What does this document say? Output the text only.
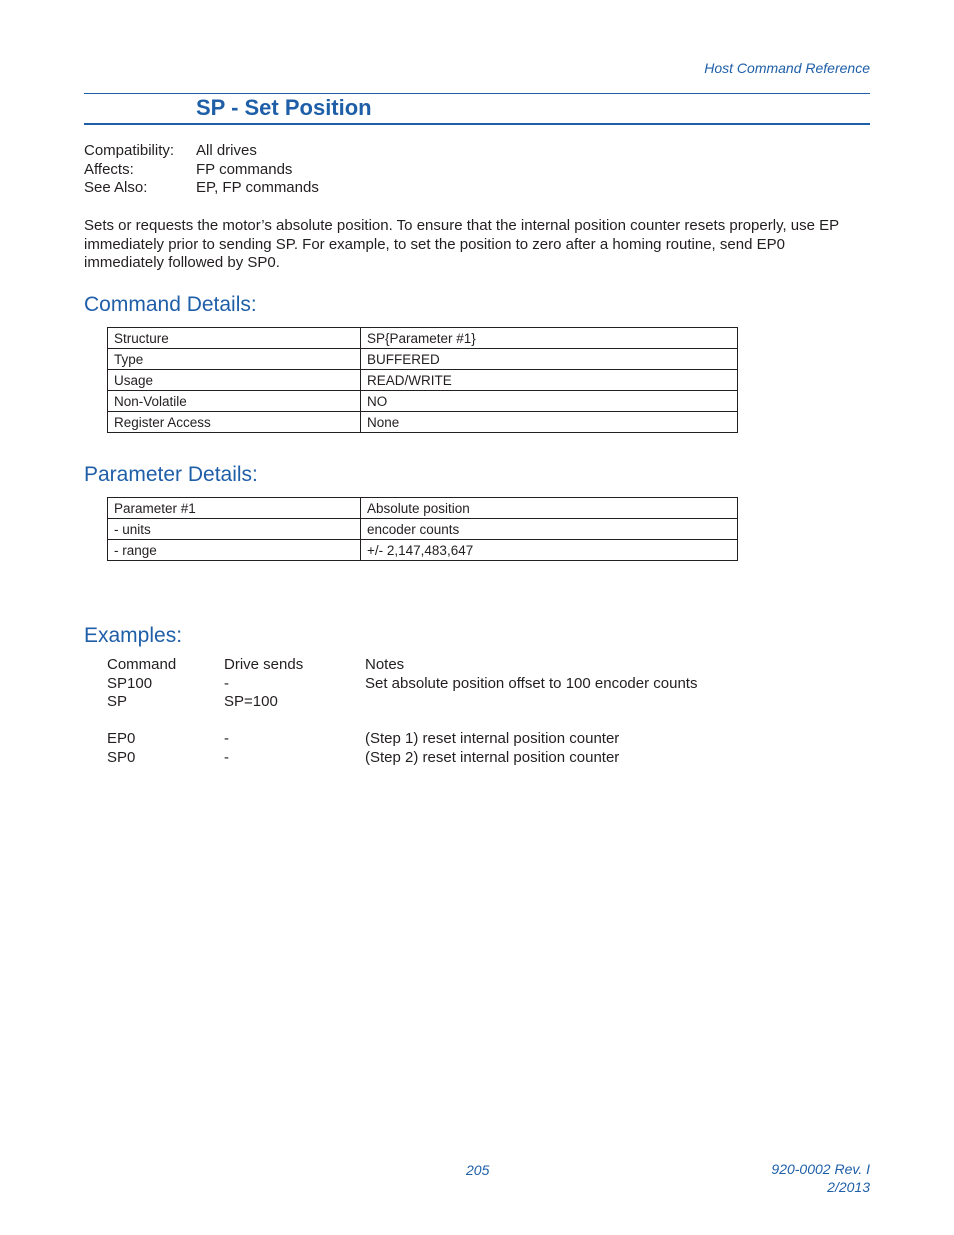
Host Command Reference
SP - Set Position
Compatibility:	All drives
Affects:	FP commands
See Also:	EP, FP commands
Sets or requests the motor’s absolute position. To ensure that the internal position counter resets properly, use EP immediately prior to sending SP. For example, to set the position to zero after a homing routine, send EP0 immediately followed by SP0.
Command Details:
Structure	SP{Parameter #1}
Type	BUFFERED
Usage	READ/WRITE
Non-Volatile	NO
Register Access	None
Parameter Details:
Parameter #1	Absolute position
- units	encoder counts
- range	+/- 2,147,483,647
Examples:
Command	Drive sends	Notes
SP100	-	Set absolute position offset to 100 encoder counts
SP	SP=100
EP0	-	(Step 1) reset internal position counter
SP0	-	(Step 2) reset internal position counter
205	920-0002 Rev. I
2/2013
